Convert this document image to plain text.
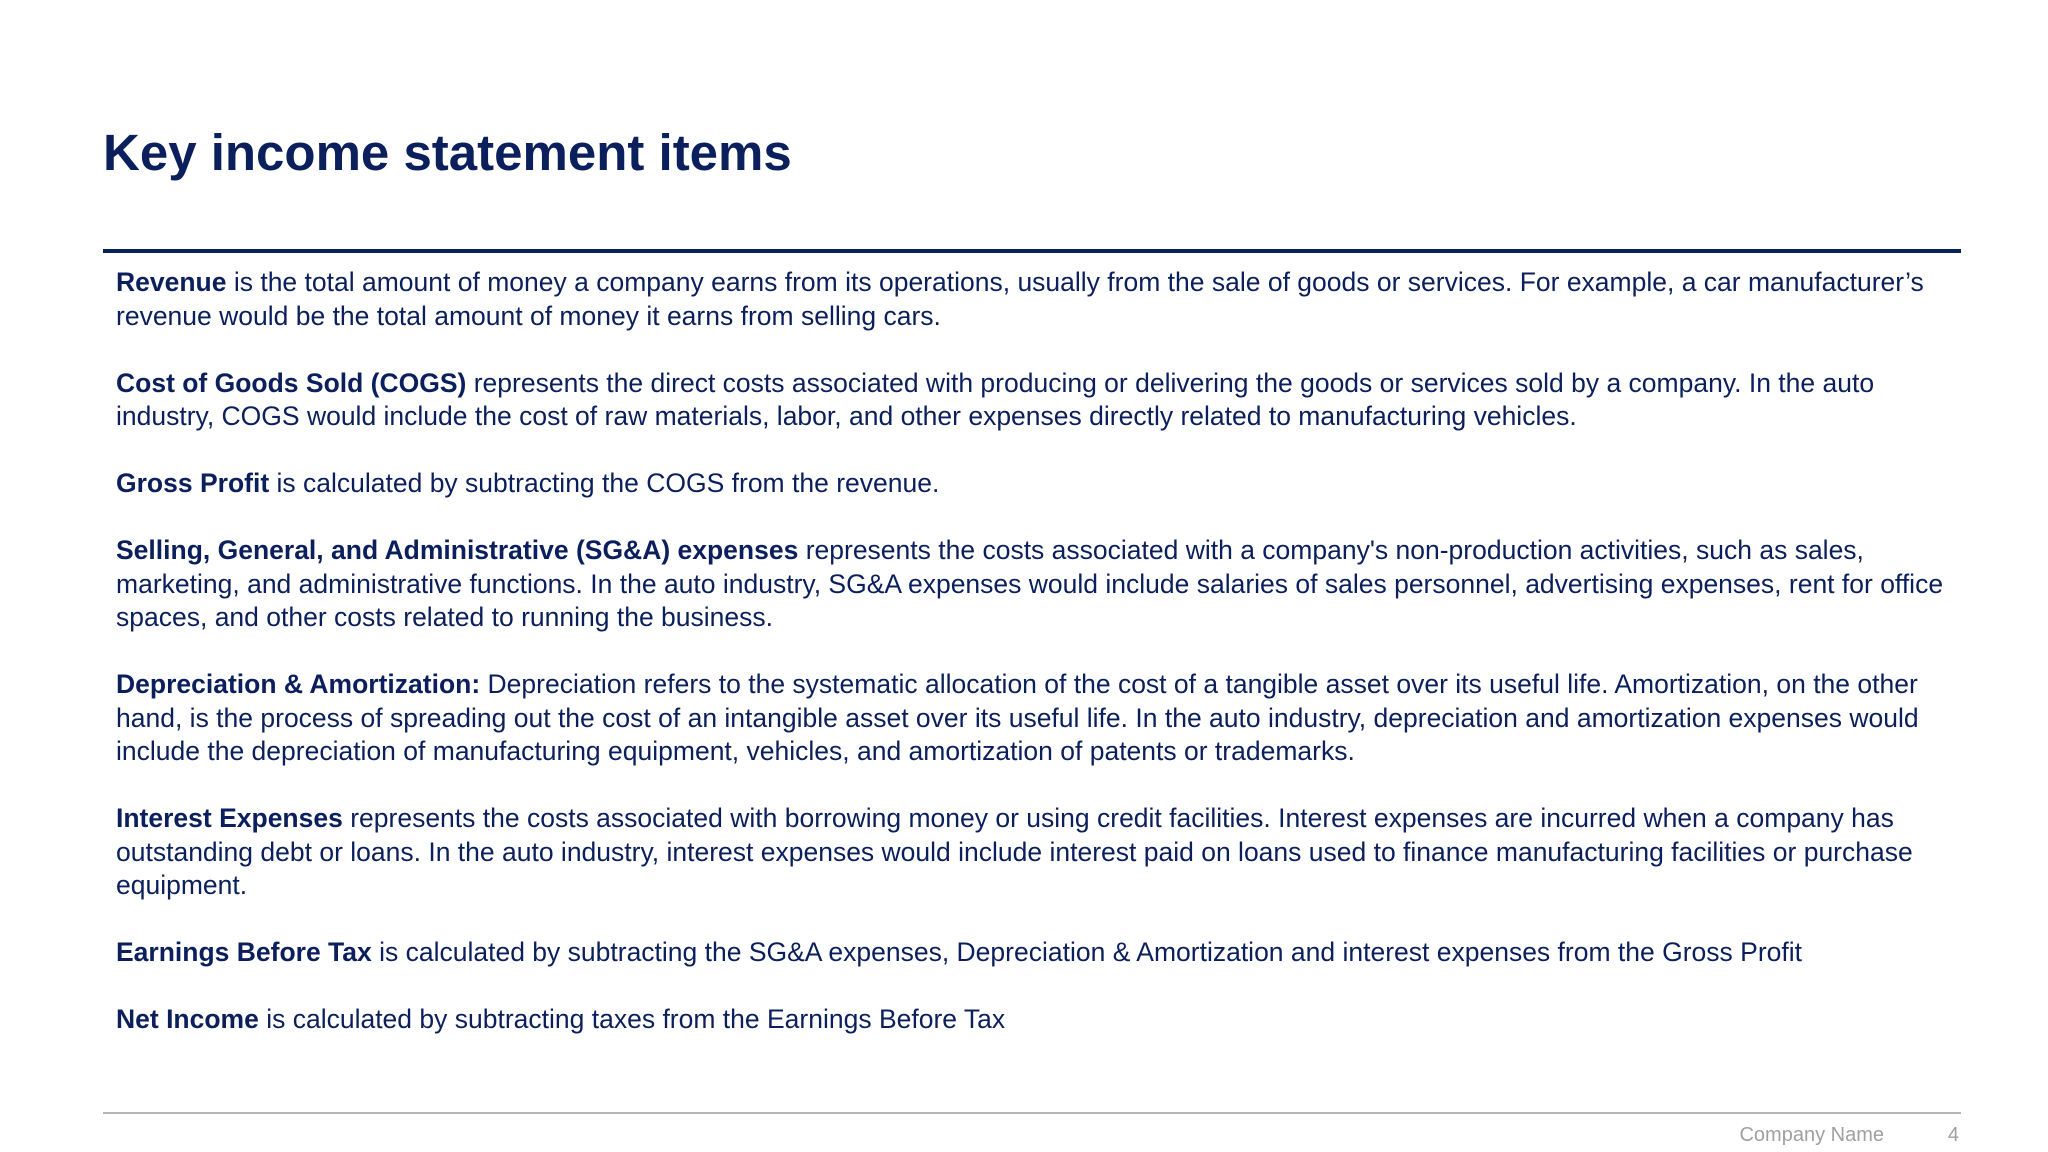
Key income statement items

Revenue is the total amount of money a company earns from its operations, usually from the sale of goods or services. For example, a car manufacturer’s revenue would be the total amount of money it earns from selling cars.

Cost of Goods Sold (COGS) represents the direct costs associated with producing or delivering the goods or services sold by a company. In the auto industry, COGS would include the cost of raw materials, labor, and other expenses directly related to manufacturing vehicles.

Gross Profit is calculated by subtracting the COGS from the revenue.

Selling, General, and Administrative (SG&A) expenses represents the costs associated with a company's non-production activities, such as sales, marketing, and administrative functions. In the auto industry, SG&A expenses would include salaries of sales personnel, advertising expenses, rent for office spaces, and other costs related to running the business.

Depreciation & Amortization: Depreciation refers to the systematic allocation of the cost of a tangible asset over its useful life. Amortization, on the other hand, is the process of spreading out the cost of an intangible asset over its useful life. In the auto industry, depreciation and amortization expenses would include the depreciation of manufacturing equipment, vehicles, and amortization of patents or trademarks.

Interest Expenses represents the costs associated with borrowing money or using credit facilities. Interest expenses are incurred when a company has outstanding debt or loans. In the auto industry, interest expenses would include interest paid on loans used to finance manufacturing facilities or purchase equipment.

Earnings Before Tax is calculated by subtracting the SG&A expenses, Depreciation & Amortization and interest expenses from the Gross Profit

Net Income is calculated by subtracting taxes from the Earnings Before Tax

Company Name	4
